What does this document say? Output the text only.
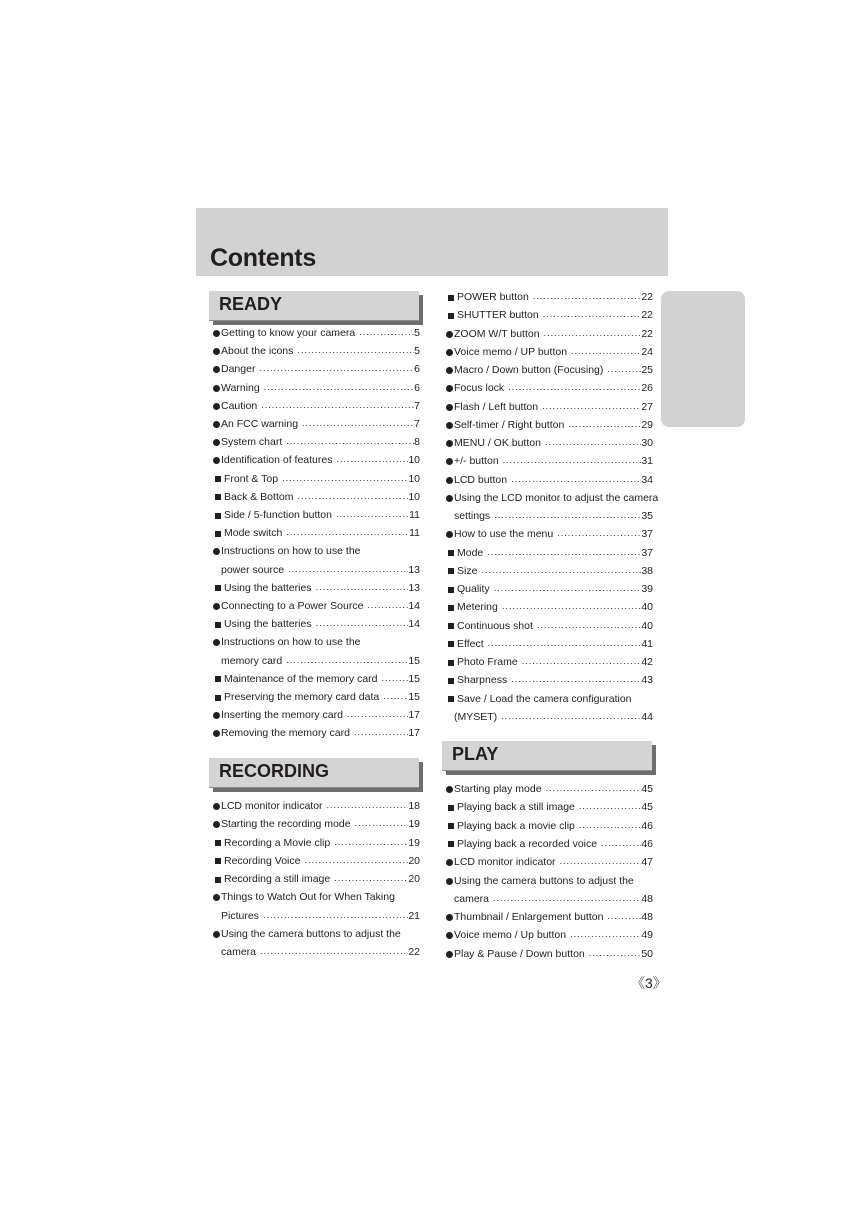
Contents
READY
RECORDING
PLAY
Getting to know your camera .....	5
About the icons .....	5
Danger .....	6
Warning .....	6
Caution .....	7
An FCC warning .....	7
System chart .....	8
Identification of features .....	10
Front & Top .....	10
Back & Bottom .....	10
Side / 5-function button .....	11
Mode switch .....	11
Instructions on how to use the
power source .....	13
Using the batteries .....	13
Connecting to a Power Source .....	14
Using the batteries .....	14
Instructions on how to use the
memory card .....	15
Maintenance of the memory card .....	15
Preserving the memory card data .....	15
Inserting the memory card .....	17
Removing the memory card .....	17
LCD monitor indicator .....	18
Starting the recording mode .....	19
Recording a Movie clip .....	19
Recording Voice .....	20
Recording a still image .....	20
Things to Watch Out for When Taking
Pictures .....	21
Using the camera buttons to adjust the
camera .....	22
POWER button .....	22
SHUTTER button .....	22
ZOOM W/T button .....	22
Voice memo / UP button .....	24
Macro / Down button (Focusing) .....	25
Focus lock .....	26
Flash / Left button .....	27
Self-timer / Right button .....	29
MENU / OK button .....	30
+/- button .....	31
LCD button .....	34
Using the LCD monitor to adjust the camera
settings .....	35
How to use the menu .....	37
Mode .....	37
Size .....	38
Quality .....	39
Metering .....	40
Continuous shot .....	40
Effect .....	41
Photo Frame .....	42
Sharpness .....	43
Save / Load the camera configuration
(MYSET) .....	44
Starting play mode .....	45
Playing back a still image .....	45
Playing back a movie clip .....	46
Playing back a recorded voice .....	46
LCD monitor indicator .....	47
Using the camera buttons to adjust the
camera .....	48
Thumbnail / Enlargement button .....	48
Voice memo / Up button .....	49
Play & Pause / Down button .....	50
《3》
